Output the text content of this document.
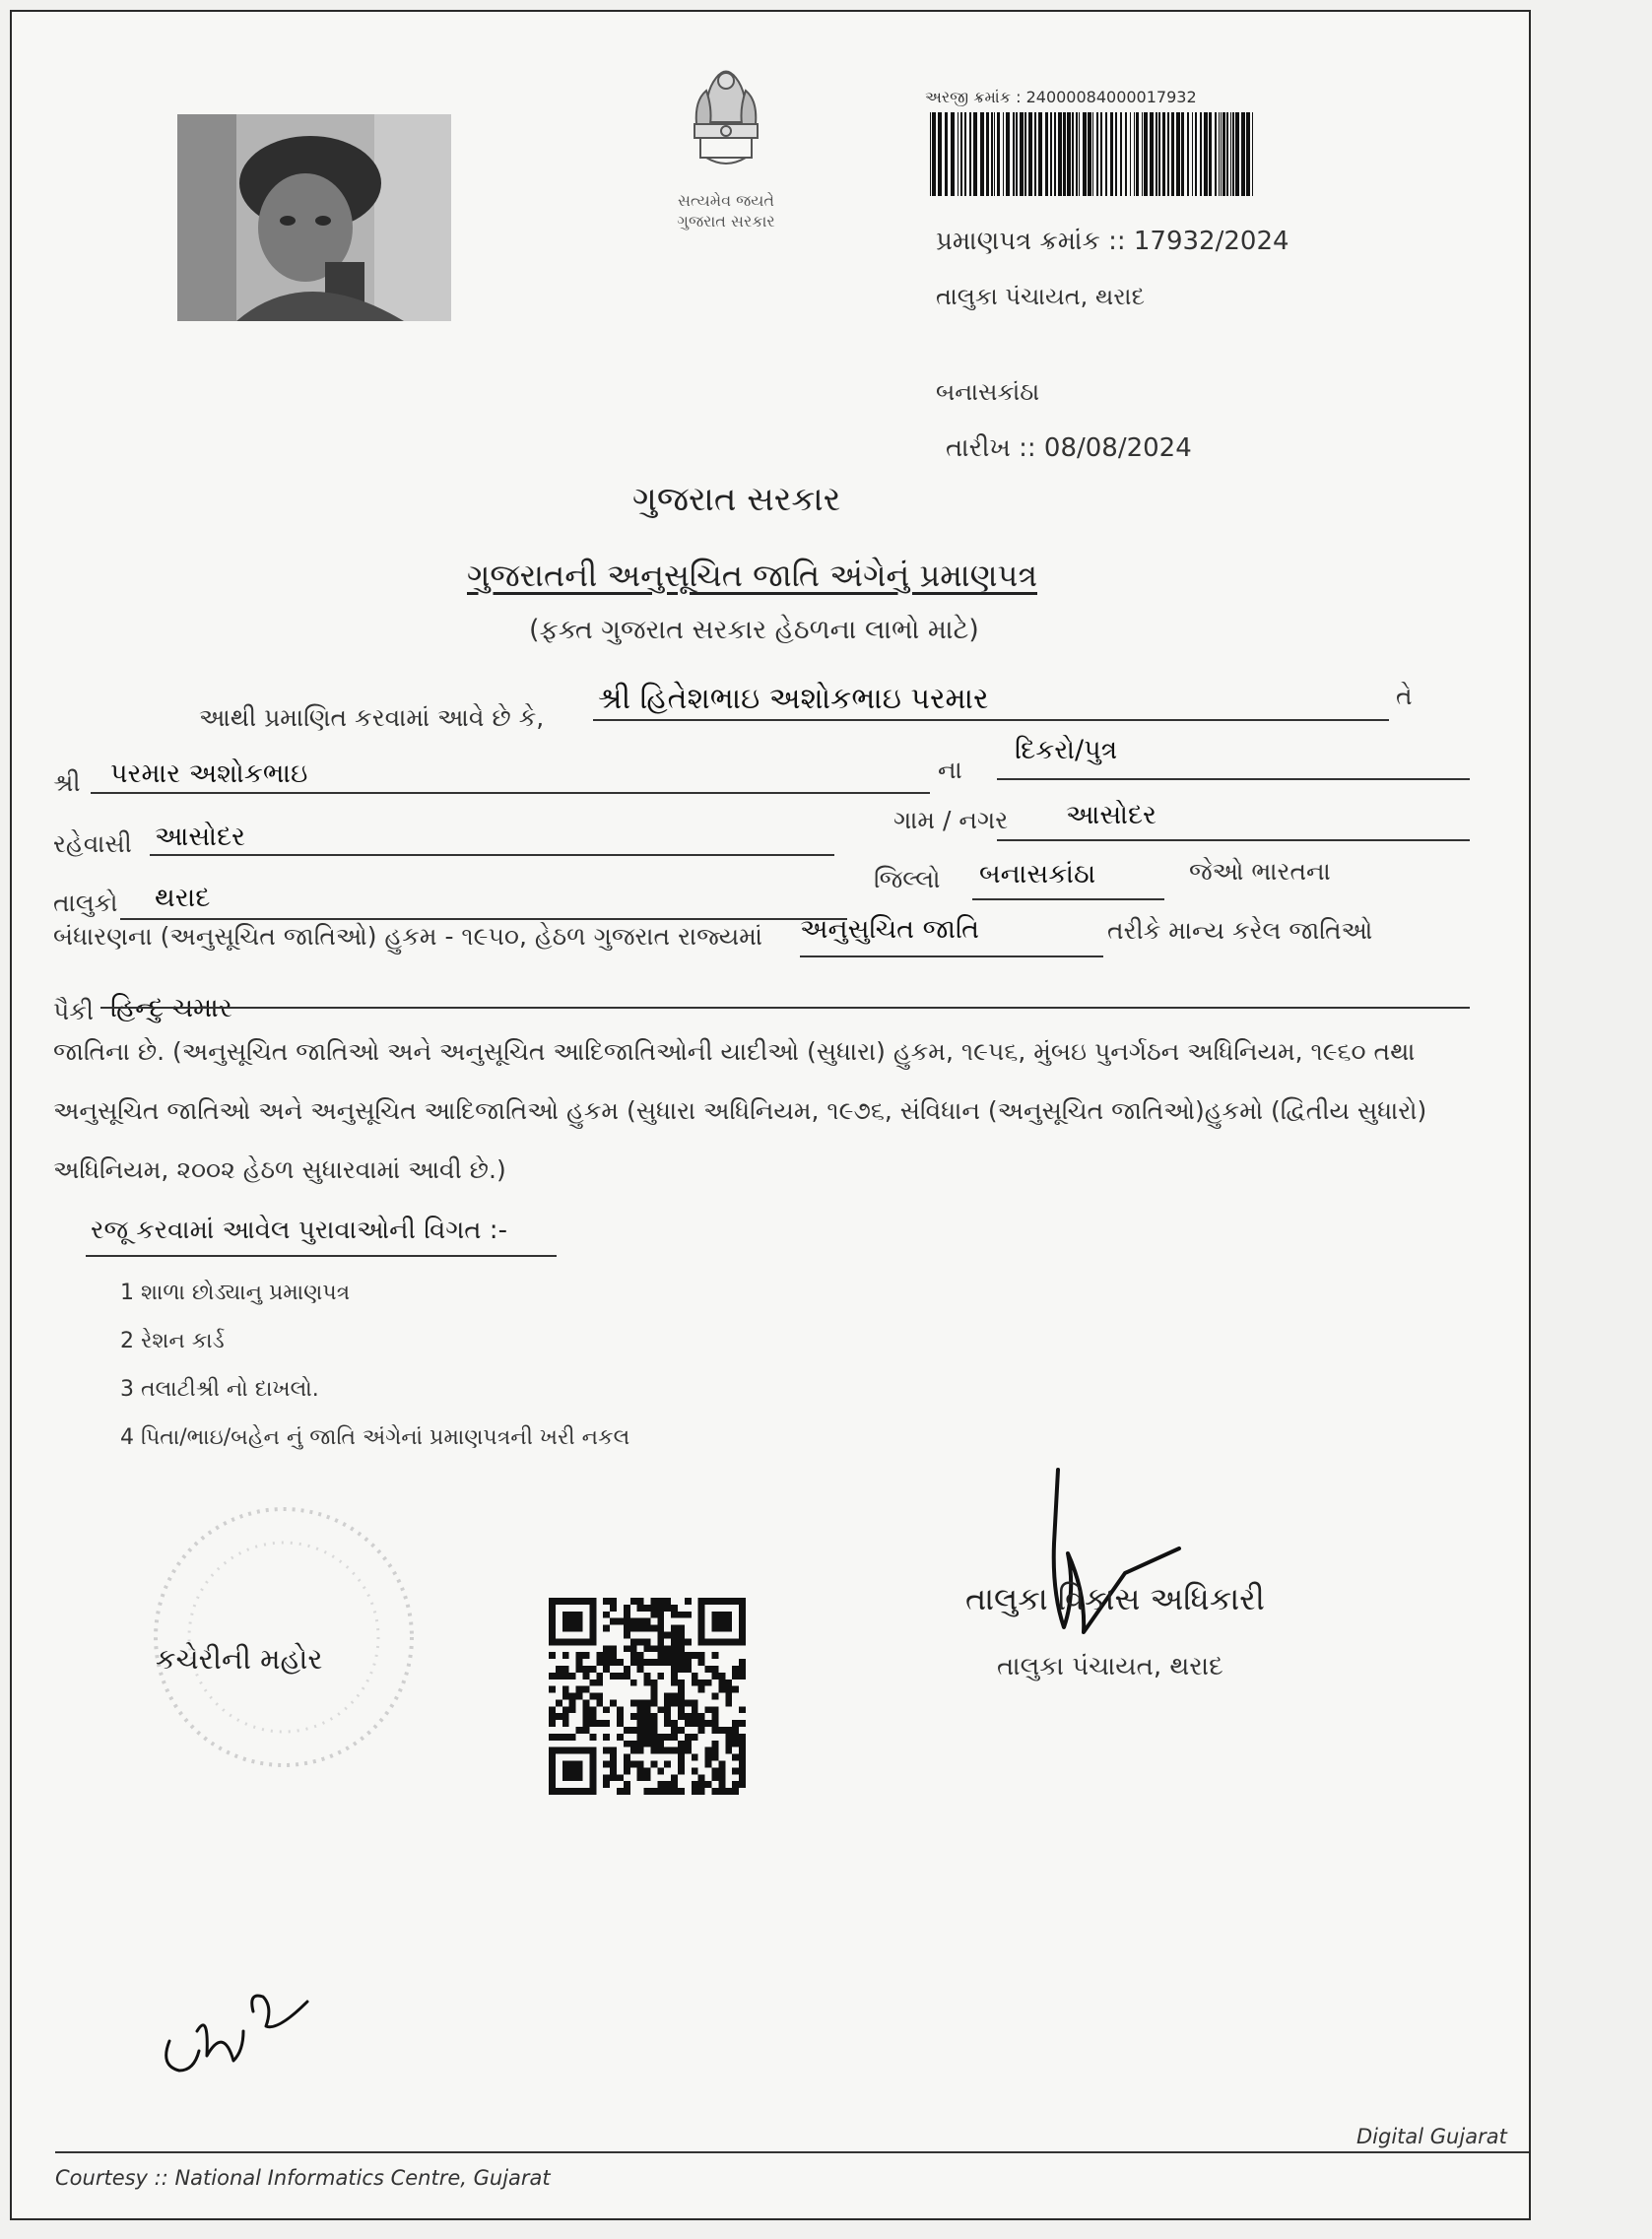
સત્યમેવ જયતે
ગુજરાત સરકાર
અરજી ક્રમાંક : 24000084000017932
પ્રમાણપત્ર ક્રમાંક :: 17932/2024
તાલુકા પંચાયત, થરાદ
બનાસકાંઠા
તારીખ :: 08/08/2024
ગુજરાત સરકાર
ગુજરાતની અનુસૂચિત જાતિ અંગેનું પ્રમાણપત્ર
(ફક્ત ગુજરાત સરકાર હેઠળના લાભો માટે)
આથી પ્રમાણિત કરવામાં આવે છે કે,
શ્રી હિતેશભાઇ અશોકભાઇ પરમાર	તે
શ્રી પરમાર અશોકભાઇ	ના
દિકરો/પુત્ર
રહેવાસી આસોદર
ગામ / નગર આસોદર
તાલુકો થરાદ
જિલ્લો બનાસકાંઠા	જેઓ ભારતના
બંધારણના (અનુસૂચિત જાતિઓ) હુકમ - ૧૯૫૦, હેઠળ ગુજરાત રાજ્યમાં અનુસુચિત જાતિ	તરીકે માન્ય કરેલ જાતિઓ
પૈકી હિન્દુ ચમાર
જાતિના છે. (અનુસૂચિત જાતિઓ અને અનુસૂચિત આદિજાતિઓની યાદીઓ (સુધારા) હુકમ, ૧૯૫૬, મુંબઇ પુનર્ગઠન અધિનિયમ, ૧૯૬૦ તથા અનુસૂચિત જાતિઓ અને અનુસૂચિત આદિજાતિઓ હુકમ (સુધારા અધિનિયમ, ૧૯૭૬, સંવિધાન (અનુસૂચિત જાતિઓ)હુકમો (દ્વિતીય સુધારો) અધિનિયમ, ૨૦૦૨ હેઠળ સુધારવામાં આવી છે.)
રજૂ કરવામાં આવેલ પુરાવાઓની વિગત :-
1 શાળા છોડ્યાનુ પ્રમાણપત્ર
2 રેશન કાર્ડ
3 તલાટીશ્રી નો દાખલો.
4 પિતા/ભાઇ/બહેન નું જાતિ અંગેનાં પ્રમાણપત્રની ખરી નકલ
કચેરીની મહોર
તાલુકા વિકાસ અધિકારી
તાલુકા પંચાયત, થરાદ
Digital Gujarat
Courtesy :: National Informatics Centre, Gujarat
